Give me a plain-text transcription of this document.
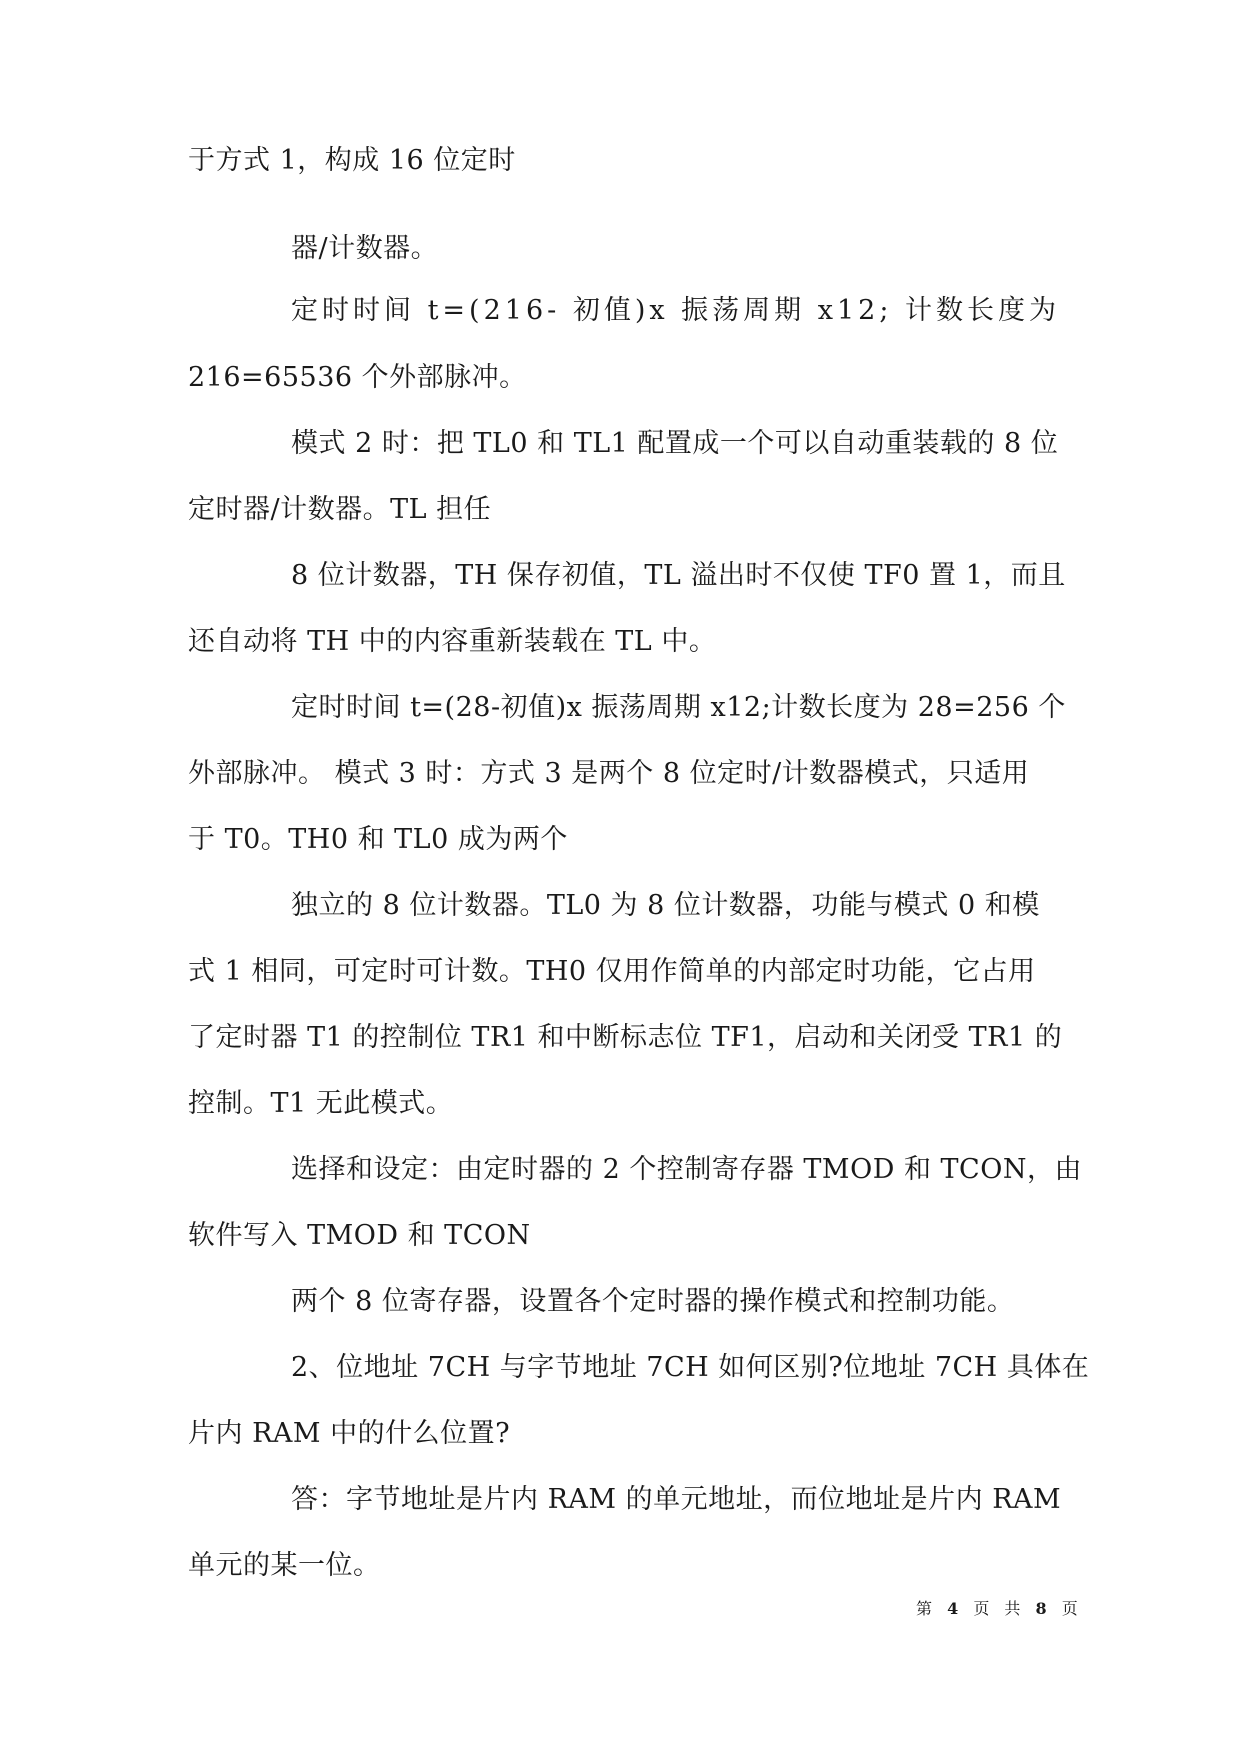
于方式 1，构成 16 位定时
器/计数器。
定时时间 t=(216- 初值)x 振荡周期 x12; 计数长度为
216=65536 个外部脉冲。
模式 2 时：把 TL0 和 TL1 配置成一个可以自动重装载的 8 位
定时器/计数器。TL 担任
8 位计数器，TH 保存初值，TL 溢出时不仅使 TF0 置 1，而且
还自动将 TH 中的内容重新装载在 TL 中。
定时时间 t=(28-初值)x 振荡周期 x12;计数长度为 28=256 个
外部脉冲。 模式 3 时：方式 3 是两个 8 位定时/计数器模式，只适用
于 T0。TH0 和 TL0 成为两个
独立的 8 位计数器。TL0 为 8 位计数器，功能与模式 0 和模
式 1 相同，可定时可计数。TH0 仅用作简单的内部定时功能，它占用
了定时器 T1 的控制位 TR1 和中断标志位 TF1，启动和关闭受 TR1 的
控制。T1 无此模式。
选择和设定：由定时器的 2 个控制寄存器 TMOD 和 TCON，由
软件写入 TMOD 和 TCON
两个 8 位寄存器，设置各个定时器的操作模式和控制功能。
2、位地址 7CH 与字节地址 7CH 如何区别?位地址 7CH 具体在
片内 RAM 中的什么位置?
答：字节地址是片内 RAM 的单元地址，而位地址是片内 RAM
单元的某一位。
第 4 页 共 8 页
